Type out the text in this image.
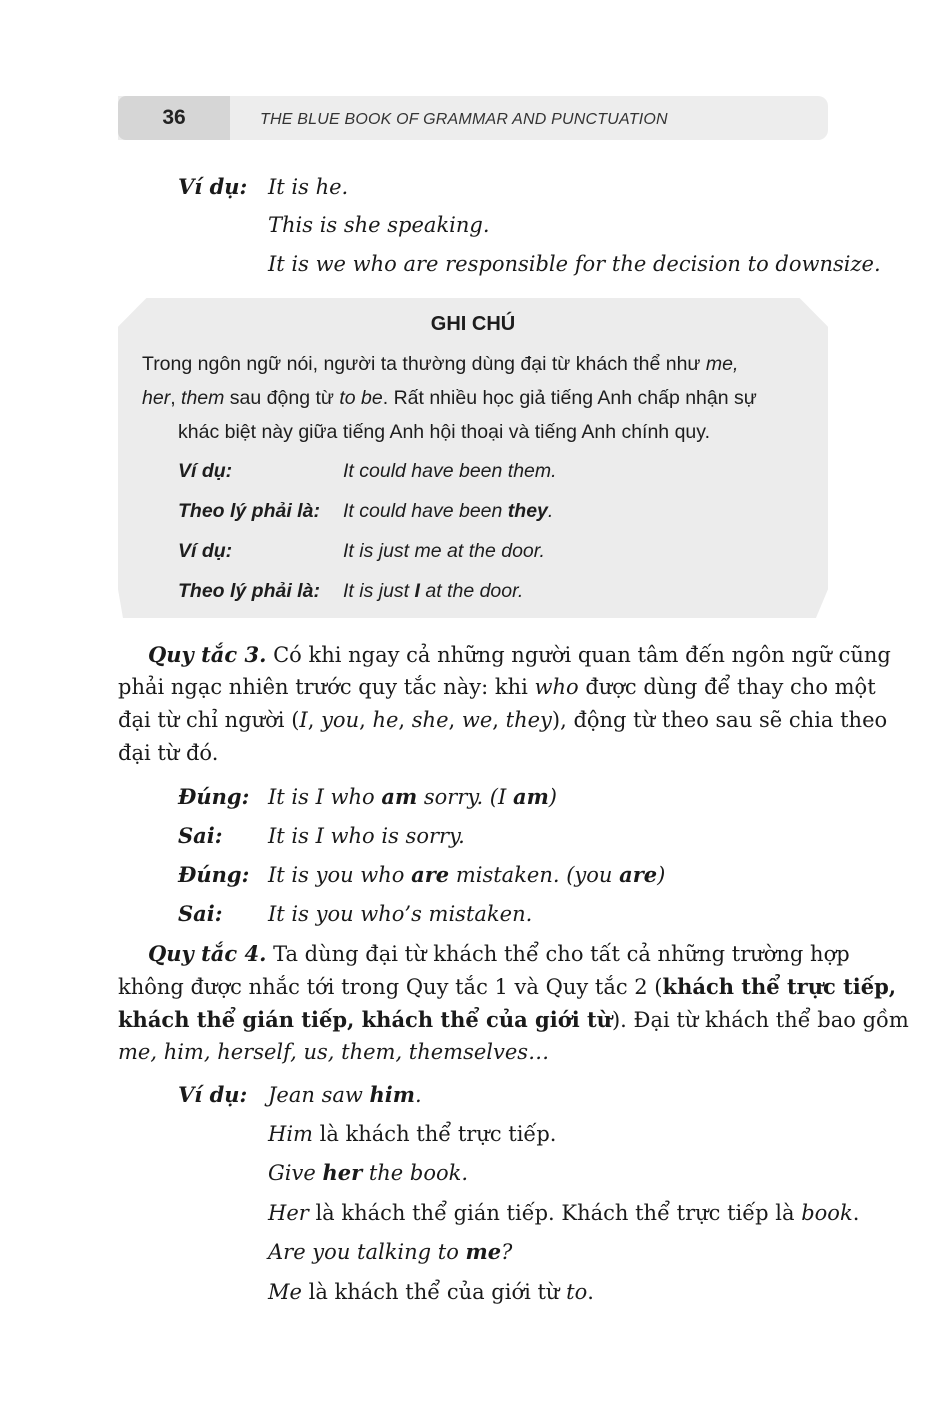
36	THE BLUE BOOK OF GRAMMAR AND PUNCTUATION
Ví dụ: It is he.
This is she speaking.
It is we who are responsible for the decision to downsize.
GHI CHÚ
Trong ngôn ngữ nói, người ta thường dùng đại từ khách thể như me,
her, them sau động từ to be. Rất nhiều học giả tiếng Anh chấp nhận sự
khác biệt này giữa tiếng Anh hội thoại và tiếng Anh chính quy.
Ví dụ:	It could have been them.
Theo lý phải là: It could have been they.
Ví dụ:	It is just me at the door.
Theo lý phải là: It is just I at the door.
Quy tắc 3. Có khi ngay cả những người quan tâm đến ngôn ngữ cũng
phải ngạc nhiên trước quy tắc này: khi who được dùng để thay cho một
đại từ chỉ người (I, you, he, she, we, they), động từ theo sau sẽ chia theo
đại từ đó.
Đúng: It is I who am sorry. (I am)
Sai: It is I who is sorry.
Đúng: It is you who are mistaken. (you are)
Sai: It is you who’s mistaken.
Quy tắc 4. Ta dùng đại từ khách thể cho tất cả những trường hợp
không được nhắc tới trong Quy tắc 1 và Quy tắc 2 (khách thể trực tiếp,
khách thể gián tiếp, khách thể của giới từ). Đại từ khách thể bao gồm
me, him, herself, us, them, themselves…
Ví dụ: Jean saw him.
Him là khách thể trực tiếp.
Give her the book.
Her là khách thể gián tiếp. Khách thể trực tiếp là book.
Are you talking to me?
Me là khách thể của giới từ to.
